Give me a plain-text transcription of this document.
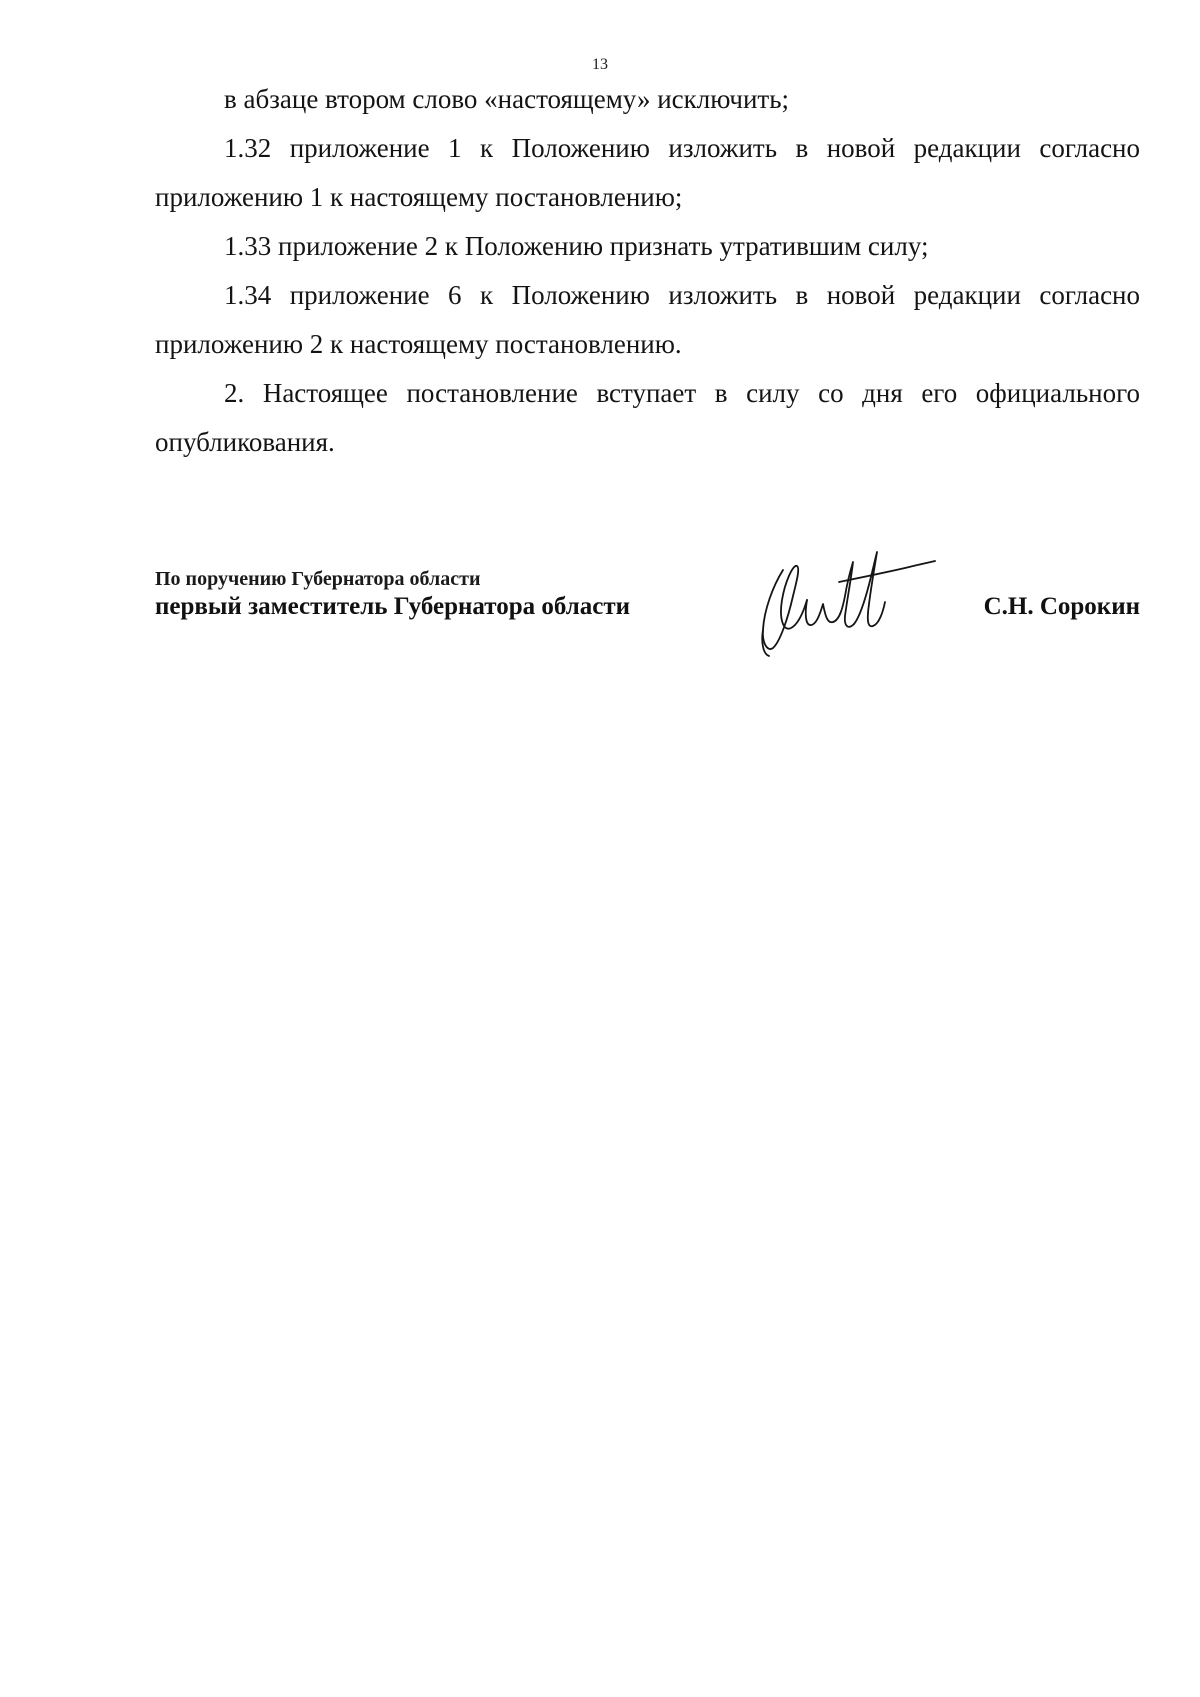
13

в абзаце втором слово «настоящему» исключить;

1.32 приложение 1 к Положению изложить в новой редакции согласно приложению 1 к настоящему постановлению;

1.33 приложение 2 к Положению признать утратившим силу;

1.34 приложение 6 к Положению изложить в новой редакции согласно приложению 2 к настоящему постановлению.

2. Настоящее постановление вступает в силу со дня его официального опубликования.

По поручению Губернатора области
первый заместитель Губернатора области	С.Н. Сорокин
